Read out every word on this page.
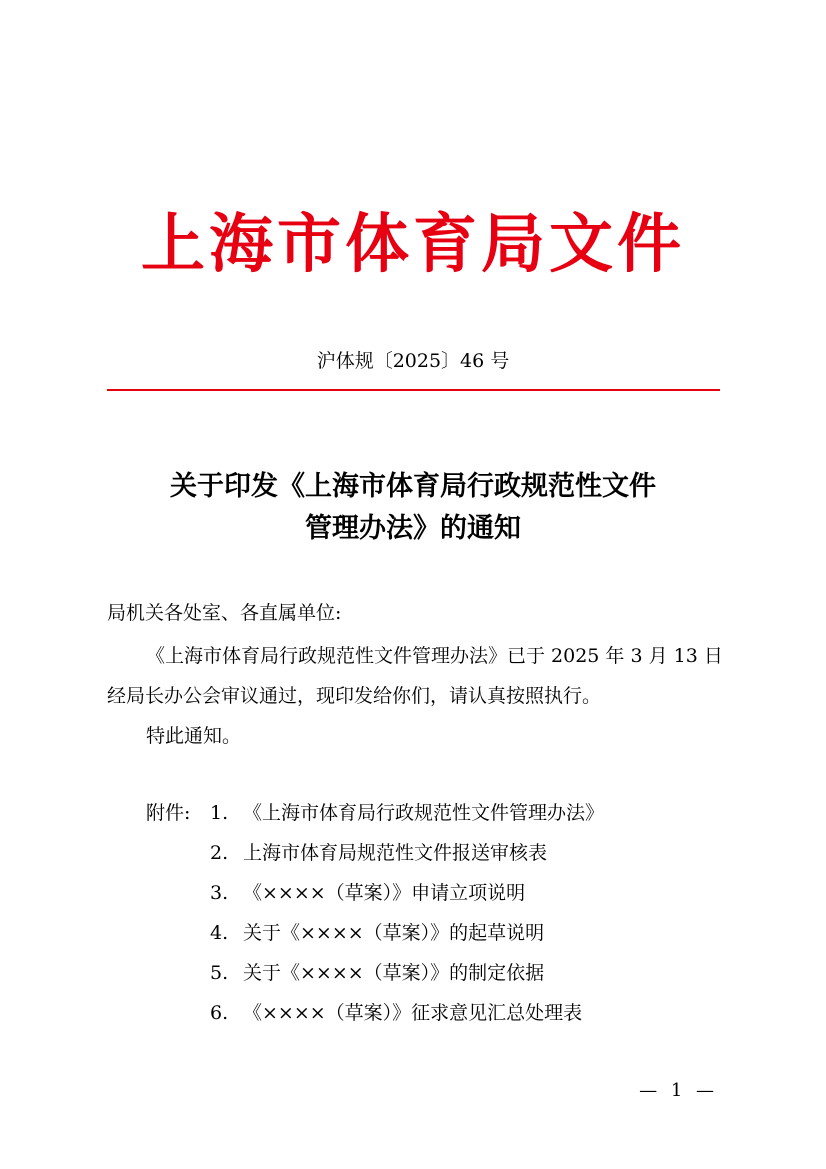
上海市体育局文件
沪体规〔2025〕46 号
关于印发《上海市体育局行政规范性文件
管理办法》的通知
局机关各处室、各直属单位:
《上海市体育局行政规范性文件管理办法》已于 2025 年 3 月 13 日
经局长办公会审议通过，现印发给你们，请认真按照执行。
特此通知。
附件: 1. 《上海市体育局行政规范性文件管理办法》
2. 上海市体育局规范性文件报送审核表
3. 《××××（草案）》申请立项说明
4. 关于《××××（草案）》的起草说明
5. 关于《××××（草案）》的制定依据
6. 《××××（草案）》征求意见汇总处理表
— 1 —
